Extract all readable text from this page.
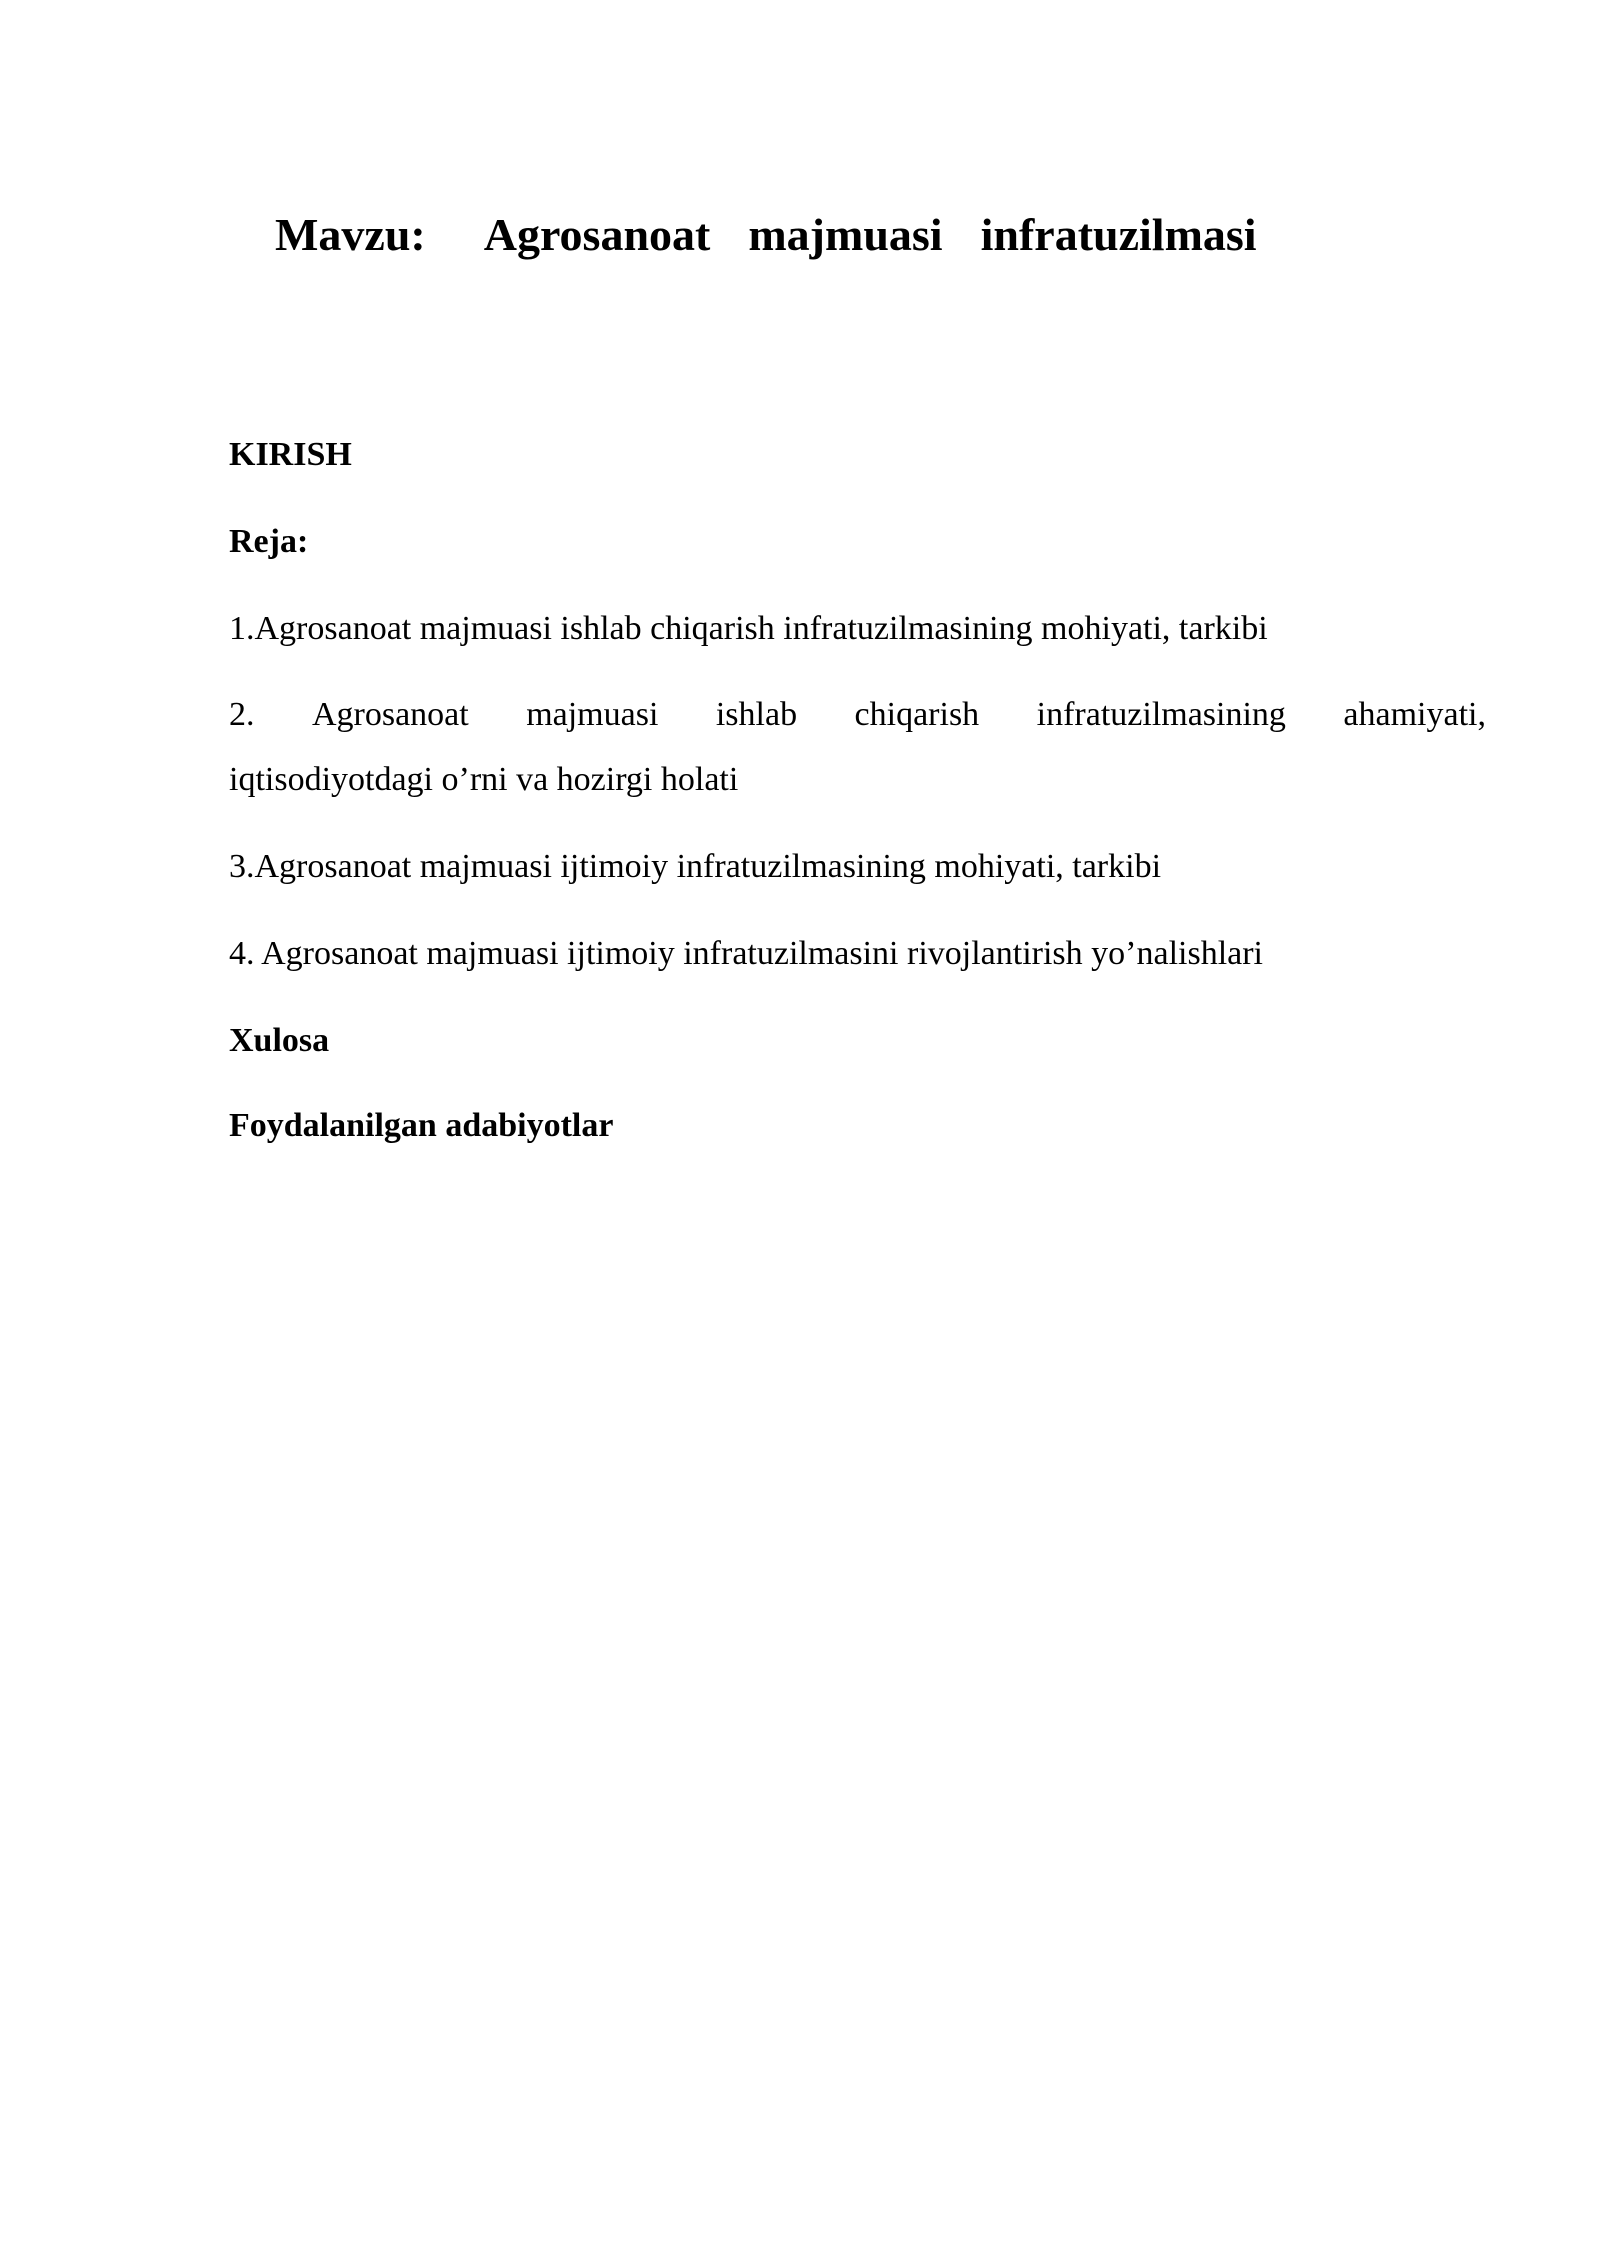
Mavzu: Agrosanoat majmuasi infratuzilmasi

KIRISH
Reja:
1.Agrosanoat majmuasi ishlab chiqarish infratuzilmasining mohiyati, tarkibi
2. Agrosanoat majmuasi ishlab chiqarish infratuzilmasining ahamiyati,
iqtisodiyotdagi o’rni va hozirgi holati
3.Agrosanoat majmuasi ijtimoiy infratuzilmasining mohiyati, tarkibi
4. Agrosanoat majmuasi ijtimoiy infratuzilmasini rivojlantirish yo’nalishlari
Xulosa
Foydalanilgan adabiyotlar
